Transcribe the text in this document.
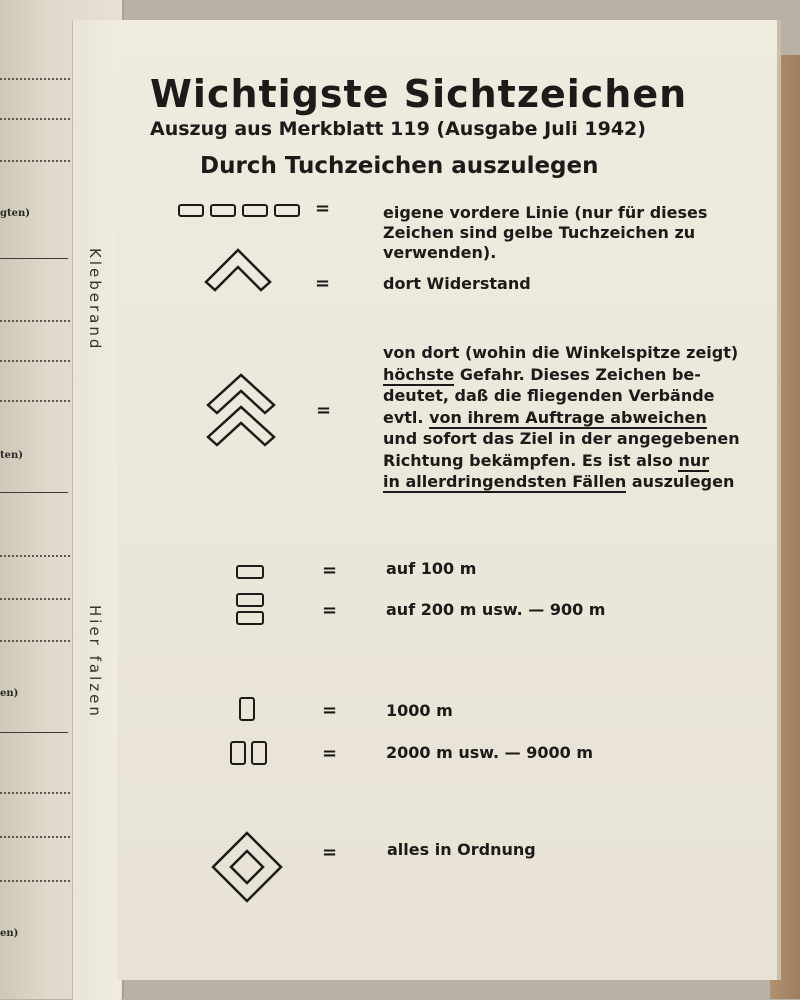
gten)
ten)
en)
en)
Kleberand
Hier falzen
Wichtigste Sichtzeichen
Auszug aus Merkblatt 119 (Ausgabe Juli 1942)
Durch Tuchzeichen auszulegen
=	eigene vordere Linie (nur für dieses
Zeichen sind gelbe Tuchzeichen zu
verwenden).
=	dort Widerstand
=
von dort (wohin die Winkelspitze zeigt)
höchste Gefahr. Dieses Zeichen be-
deutet, daß die fliegenden Verbände
evtl. von ihrem Auftrage abweichen
und sofort das Ziel in der angegebenen
Richtung bekämpfen. Es ist also nur
in allerdringendsten Fällen auszulegen
=	auf 100 m
=	auf 200 m usw. — 900 m
=	1000 m
=	2000 m usw. — 9000 m
=	alles in Ordnung
